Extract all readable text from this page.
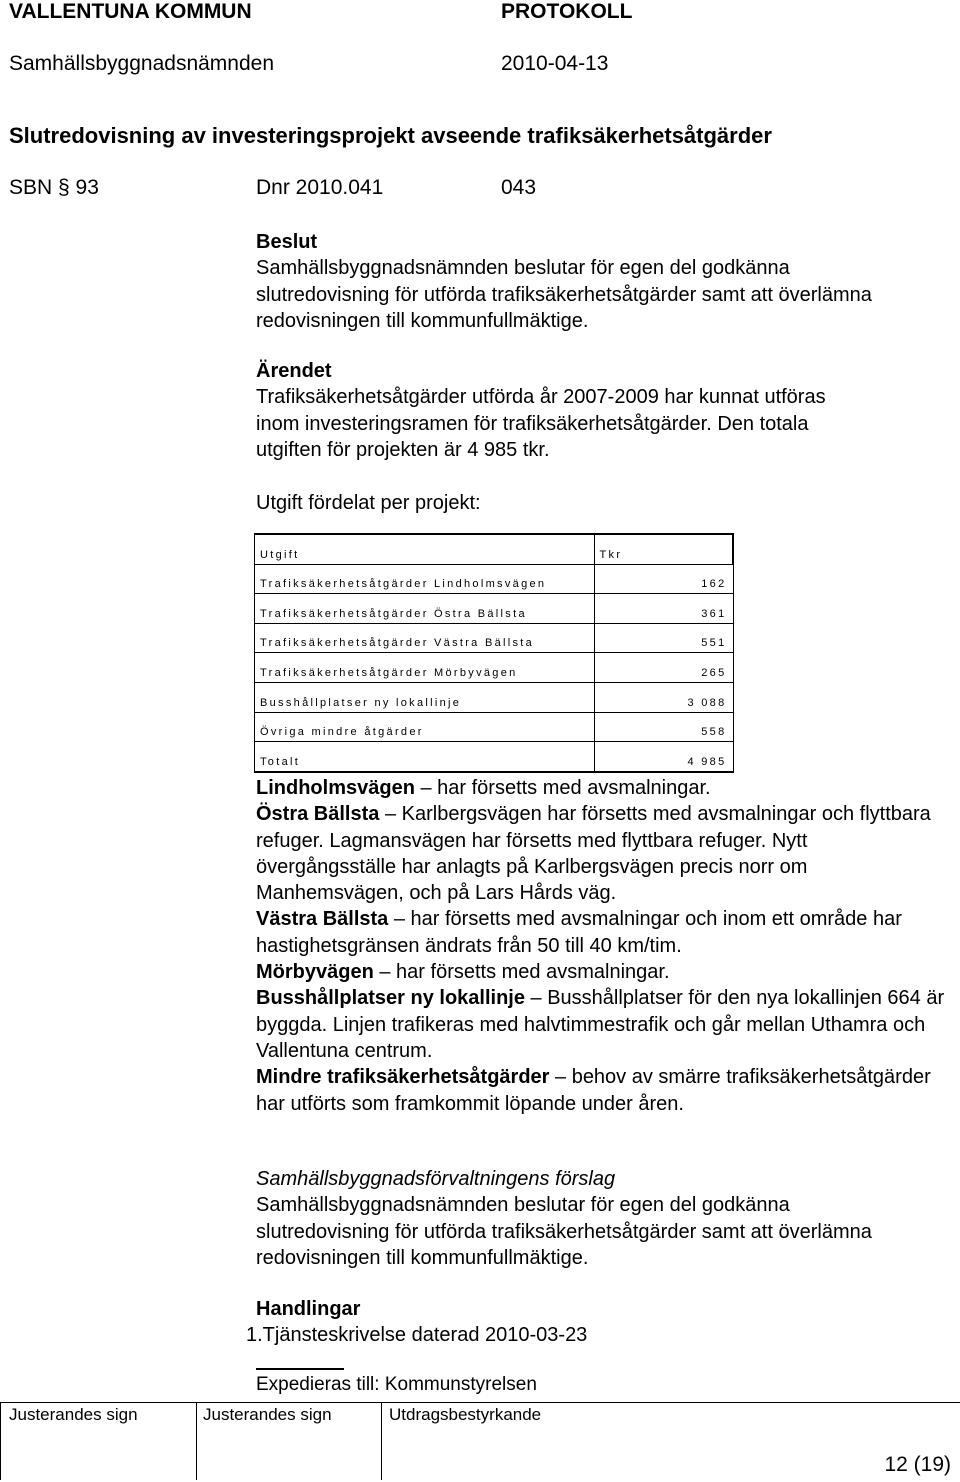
VALLENTUNA KOMMUN	PROTOKOLL
Samhällsbyggnadsnämnden	2010-04-13
Slutredovisning av investeringsprojekt avseende trafiksäkerhetsåtgärder
SBN § 93	Dnr 2010.041	043
Beslut
Samhällsbyggnadsnämnden beslutar för egen del godkänna
slutredovisning för utförda trafiksäkerhetsåtgärder samt att överlämna
redovisningen till kommunfullmäktige.
Ärendet
Trafiksäkerhetsåtgärder utförda år 2007-2009 har kunnat utföras
inom investeringsramen för trafiksäkerhetsåtgärder. Den totala
utgiften för projekten är 4 985 tkr.
Utgift fördelat per projekt:
Utgift	Tkr
Trafiksäkerhetsåtgärder Lindholmsvägen	162
Trafiksäkerhetsåtgärder Östra Bällsta	361
Trafiksäkerhetsåtgärder Västra Bällsta	551
Trafiksäkerhetsåtgärder Mörbyvägen	265
Busshållplatser ny lokallinje	3 088
Övriga mindre åtgärder	558
Totalt	4 985

Lindholmsvägen – har försetts med avsmalningar.

Östra Bällsta – Karlbergsvägen har försetts med avsmalningar och flyttbara refuger. Lagmansvägen har försetts med flyttbara refuger. Nytt övergångsställe har anlagts på Karlbergsvägen precis norr om Manhemsvägen, och på Lars Hårds väg.

Västra Bällsta – har försetts med avsmalningar och inom ett område har hastighetsgränsen ändrats från 50 till 40 km/tim.

Mörbyvägen – har försetts med avsmalningar.

Busshållplatser ny lokallinje – Busshållplatser för den nya lokallinjen 664 är byggda. Linjen trafikeras med halvtimmestrafik och går mellan Uthamra och Vallentuna centrum.

Mindre trafiksäkerhetsåtgärder – behov av smärre trafiksäkerhetsåtgärder har utförts som framkommit löpande under åren.

Samhällsbyggnadsförvaltningens förslag
Samhällsbyggnadsnämnden beslutar för egen del godkänna
slutredovisning för utförda trafiksäkerhetsåtgärder samt att överlämna
redovisningen till kommunfullmäktige.
Handlingar
1.Tjänsteskrivelse daterad 2010-03-23
Expedieras till: Kommunstyrelsen
Justerandes sign	Justerandes sign	Utdragsbestyrkande
12 (19)
